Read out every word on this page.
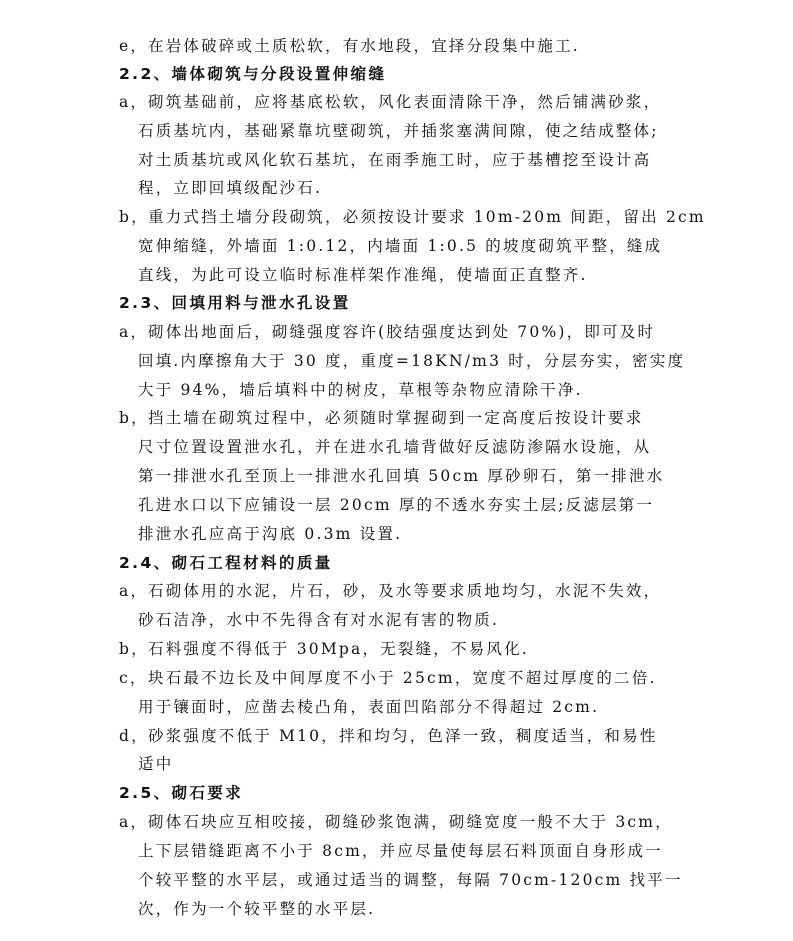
e， 在岩体破碎或土质松软，有水地段，宜择分段集中施工.
2.2、墙体砌筑与分段设置伸缩缝
a， 砌筑基础前，应将基底松软，风化表面清除干净，然后铺满砂浆，
石质基坑内，基础紧靠坑壁砌筑，并插浆塞满间隙，使之结成整体;
对土质基坑或风化软石基坑，在雨季施工时，应于基槽挖至设计高
程，立即回填级配沙石.
b， 重力式挡土墙分段砌筑，必须按设计要求 10m-20m 间距，留出 2cm
宽伸缩缝，外墙面 1:0.12，内墙面 1:0.5 的坡度砌筑平整，缝成
直线，为此可设立临时标准样架作准绳，使墙面正直整齐.
2.3、回填用料与泄水孔设置
a， 砌体出地面后，砌缝强度容许(胶结强度达到处 70%)，即可及时
回填.内摩擦角大于 30 度，重度=18KN/m3 时，分层夯实，密实度
大于 94%，墙后填料中的树皮，草根等杂物应清除干净.
b， 挡土墙在砌筑过程中，必须随时掌握砌到一定高度后按设计要求
尺寸位置设置泄水孔，并在进水孔墙背做好反滤防渗隔水设施，从
第一排泄水孔至顶上一排泄水孔回填 50cm 厚砂卵石，第一排泄水
孔进水口以下应铺设一层 20cm 厚的不透水夯实土层;反滤层第一
排泄水孔应高于沟底 0.3m 设置.
2.4、砌石工程材料的质量
a， 石砌体用的水泥，片石，砂，及水等要求质地均匀，水泥不失效，
砂石洁净，水中不先得含有对水泥有害的物质.
b， 石料强度不得低于 30Mpa，无裂缝，不易风化.
c， 块石最不边长及中间厚度不小于 25cm，宽度不超过厚度的二倍.
用于镶面时，应凿去棱凸角，表面凹陷部分不得超过 2cm.
d， 砂浆强度不低于 M10，拌和均匀，色泽一致，稠度适当，和易性
适中
2.5、砌石要求
a， 砌体石块应互相咬接，砌缝砂浆饱满，砌缝宽度一般不大于 3cm，
上下层错缝距离不小于 8cm，并应尽量使每层石料顶面自身形成一
个较平整的水平层，或通过适当的调整，每隔 70cm-120cm 找平一
次，作为一个较平整的水平层.
